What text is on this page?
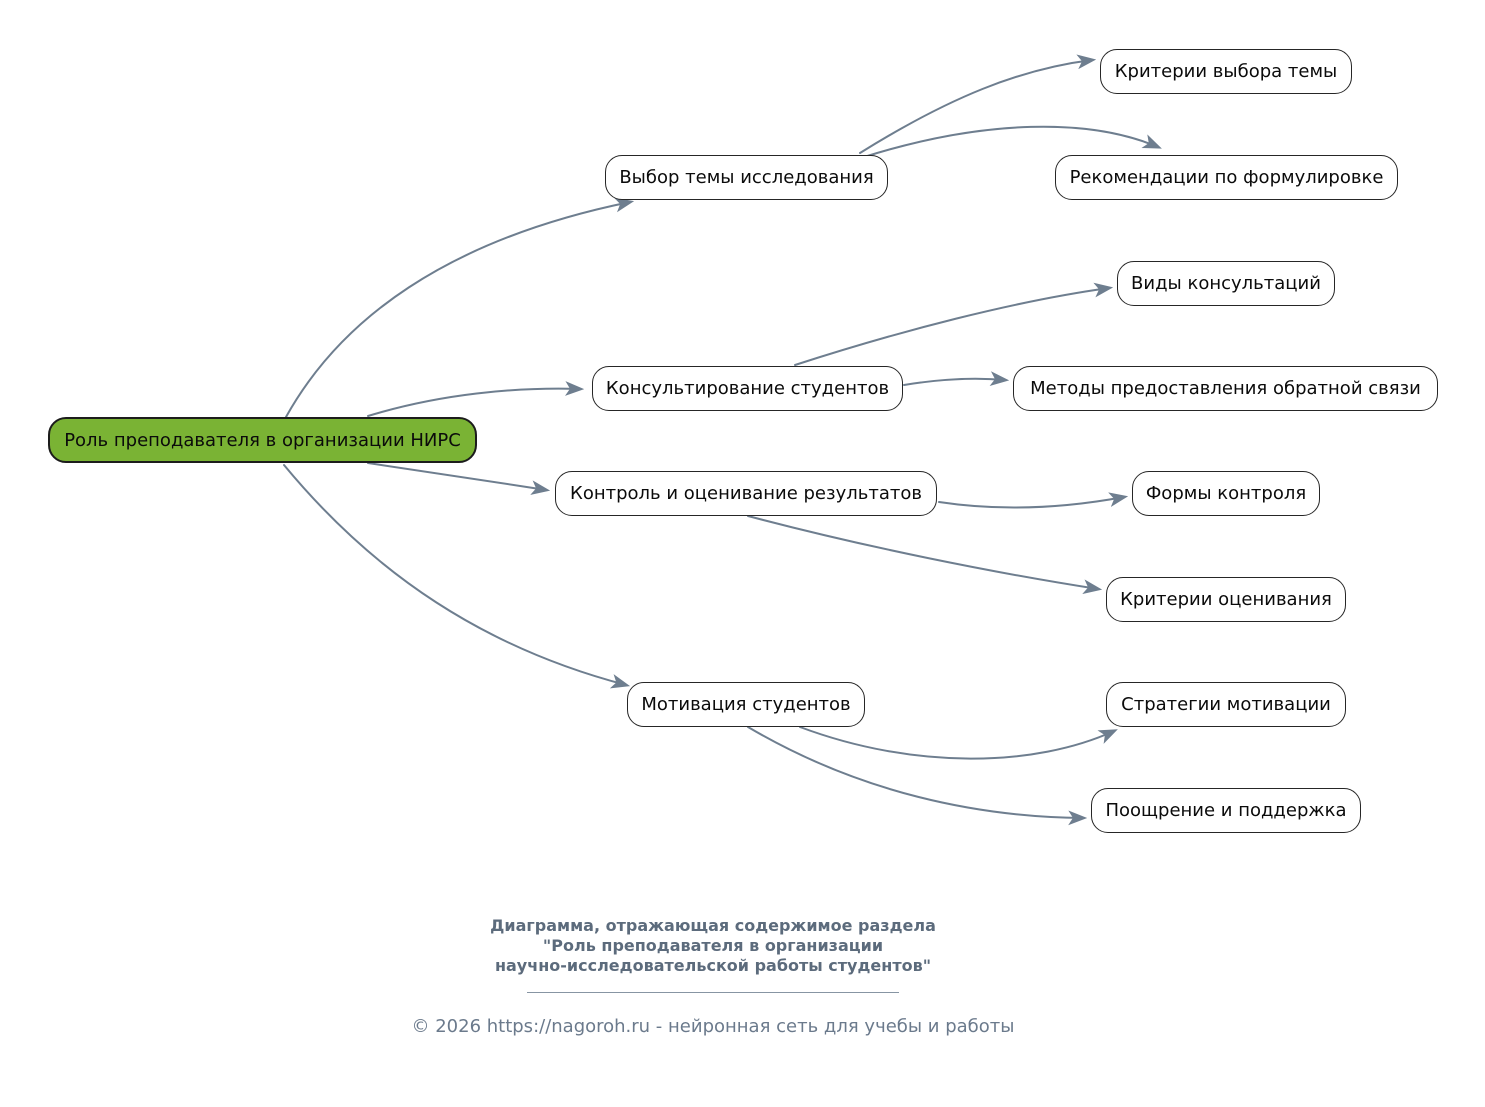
Роль преподавателя в организации НИРС
Выбор темы исследования
Критерии выбора темы
Рекомендации по формулировке
Консультирование студентов
Виды консультаций
Методы предоставления обратной связи
Контроль и оценивание результатов	Формы контроля
Критерии оценивания
Мотивация студентов	Стратегии мотивации
Поощрение и поддержка
Диаграмма, отражающая содержимое раздела
"Роль преподавателя в организации
научно-исследовательской работы студентов"
© 2026 https://nagoroh.ru - нейронная сеть для учебы и работы
